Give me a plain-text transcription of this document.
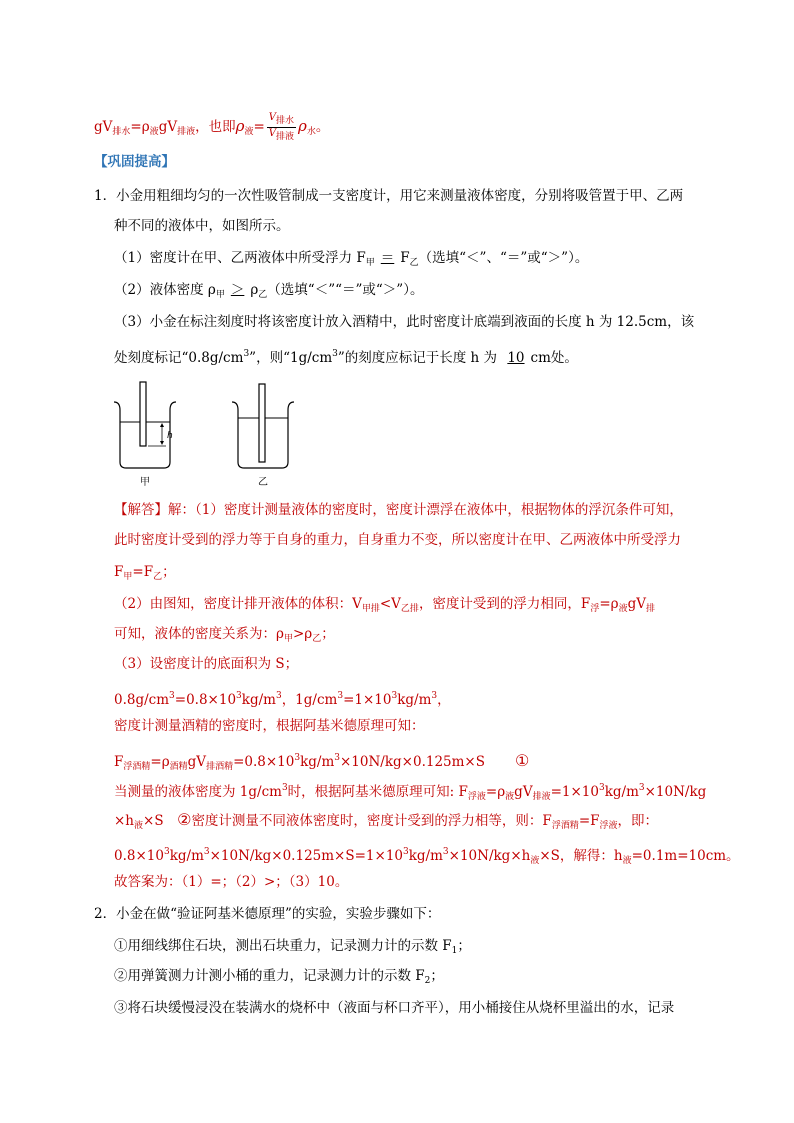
$gV_{排水}=\rho_液gV_{排液}$，也即$\rho_液= \frac{\text{V排水}}{\text{V排液}} \rho_水$。
【巩固提高】
1．小金用粗细均匀的一次性吸管制成一支密度计，用它来测量液体密度，分别将吸管置于甲、乙两
种不同的液体中，如图所示。
（1）密度计在甲、乙两液体中所受浮力 $F_甲 = F_乙$（选填“＜”、“＝”或“＞”）。
（2）液体密度 $\rho_甲 > \rho_乙$（选填“＜”“＝”或“＞”）。
（3）小金在标注刻度时将该密度计放入酒精中，此时密度计底端到液面的长度 h 为 12.5cm，该
处刻度标记“$0.8g/cm^3$”，则“$1g/cm^3$”的刻度应标记于长度 h 为 10 cm处。
h
甲	乙
【解答】解：（1）密度计测量液体的密度时，密度计漂浮在液体中，根据物体的浮沉条件可知，
此时密度计受到的浮力等于自身的重力，自身重力不变，所以密度计在甲、乙两液体中所受浮力
$F_甲=F_乙$；
（2）由图知，密度计排开液体的体积：$V_{甲排}<V_{乙排}$，密度计受到的浮力相同，$F_浮=\rho_液gV_排$
可知，液体的密度关系为：$\rho_甲>\rho_乙$；
（3）设密度计的底面积为 S；
$0.8g/cm^3=0.8\times 10^3kg/m^3$，$1g/cm^3=1\times 10^3kg/m^3$，
密度计测量酒精的密度时，根据阿基米德原理可知：
$F_{浮酒精}=\rho_{酒精}gV_{排酒精}=0.8\times 10^3kg/m^3\times 10N/kg\times 0.125m\times S$ ①
当测量的液体密度为 $1g/cm^3$时，根据阿基米德原理可知: $F_{浮液}=\rho_液gV_{排液}=1\times 10^3kg/m^3\times 10N/kg$
$\times h_液\times S$　②密度计测量不同液体密度时，密度计受到的浮力相等，则：$F_{浮酒精}=F_{浮液}$，即：
$0.8\times 10^3kg/m^3\times 10N/kg\times 0.125m\times S=1\times 10^3kg/m^3\times 10N/kg\times h_液\times S$，解得：$h_液=0.1m=10cm$。
故答案为：（1）=；（2）>；（3）10。
2．小金在做“验证阿基米德原理”的实验，实验步骤如下：
①用细线绑住石块，测出石块重力，记录测力计的示数 $F_1$；
②用弹簧测力计测小桶的重力，记录测力计的示数 $F_2$；
③将石块缓慢浸没在装满水的烧杯中（液面与杯口齐平），用小桶接住从烧杯里溢出的水，记录
